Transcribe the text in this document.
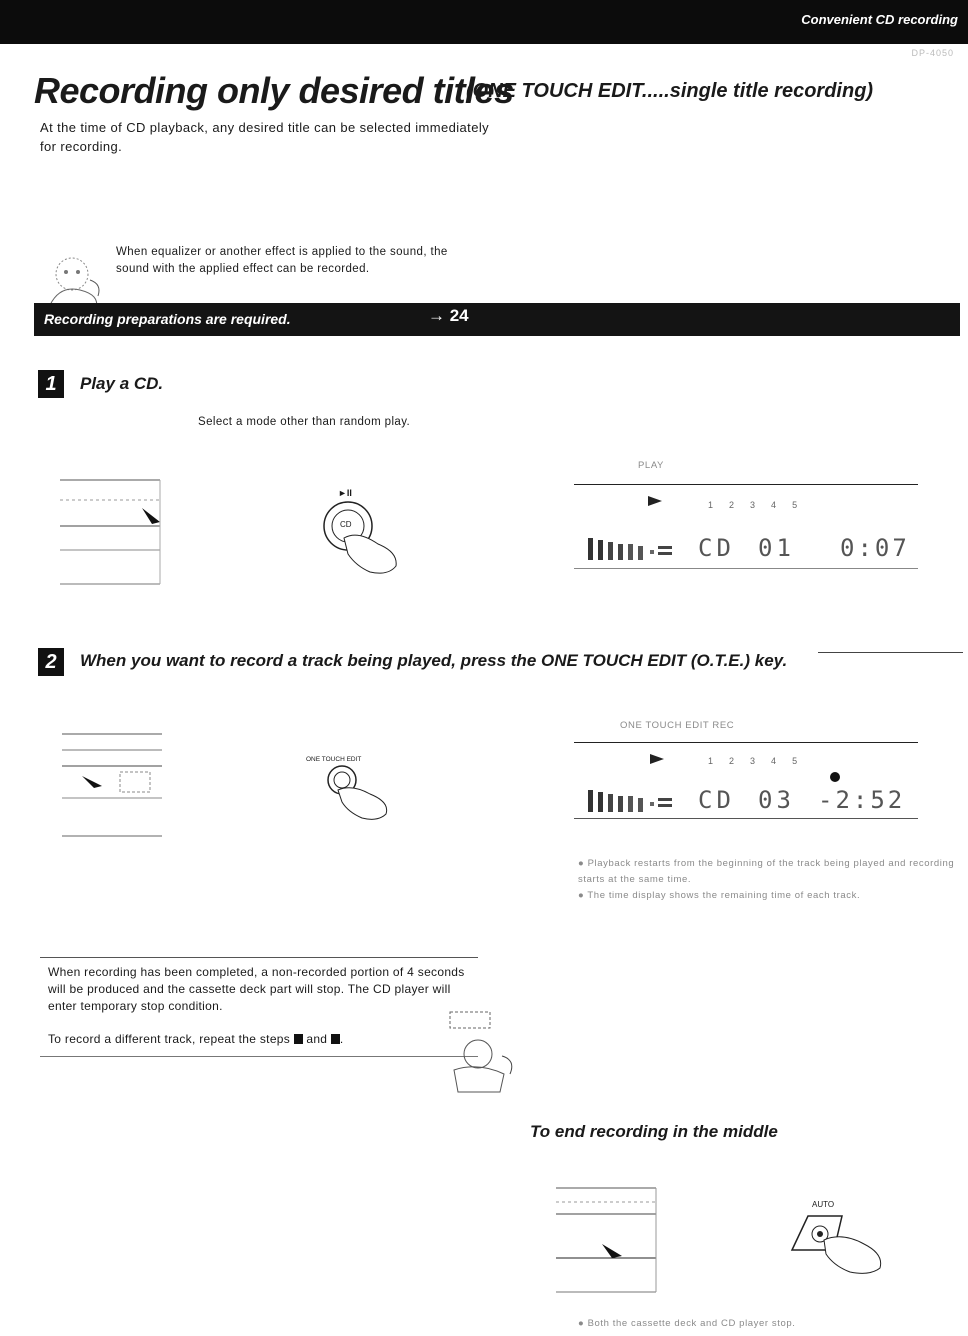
Convenient CD recording
DP-4050
Recording only desired titles
(ONE TOUCH EDIT.....single title recording)
At the time of CD playback, any desired title can be selected immediately for recording.
When equalizer or another effect is applied to the sound, the sound with the applied effect can be recorded.
Recording preparations are required.	→ 24
1	Play a CD.
Select a mode other than random play.
►II
CD
PLAY
12345
CD 01 0:07
2	When you want to record a track being played, press the ONE TOUCH EDIT (O.T.E.) key.
ONE TOUCH EDIT
ONE TOUCH EDIT REC
12345
CD 03 -2:52
● Playback restarts from the beginning of the track being played and recording starts at the same time.
● The time display shows the remaining time of each track.
When recording has been completed, a non-recorded portion of 4 seconds will be produced and the cassette deck part will stop. The CD player will enter temporary stop condition.
To record a different track, repeat the steps and .
To end recording in the middle
AUTO
● Both the cassette deck and CD player stop.
